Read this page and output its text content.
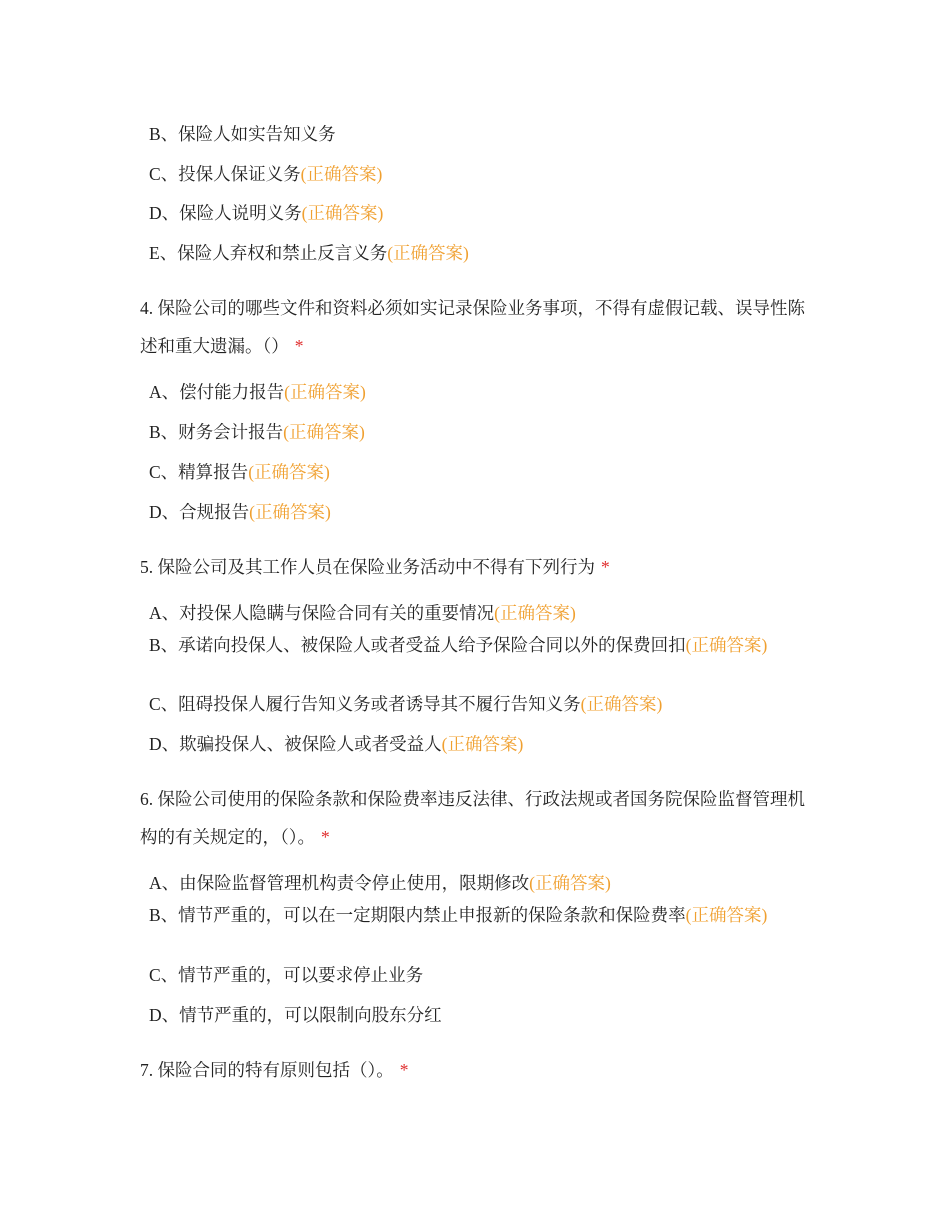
B、保险人如实告知义务
C、投保人保证义务(正确答案)
D、保险人说明义务(正确答案)
E、保险人弃权和禁止反言义务(正确答案)
4. 保险公司的哪些文件和资料必须如实记录保险业务事项，不得有虚假记载、误导性陈述和重大遗漏。（） *
A、偿付能力报告(正确答案)
B、财务会计报告(正确答案)
C、精算报告(正确答案)
D、合规报告(正确答案)
5. 保险公司及其工作人员在保险业务活动中不得有下列行为 *
A、对投保人隐瞒与保险合同有关的重要情况(正确答案)
B、承诺向投保人、被保险人或者受益人给予保险合同以外的保费回扣(正确答案)
C、阻碍投保人履行告知义务或者诱导其不履行告知义务(正确答案)
D、欺骗投保人、被保险人或者受益人(正确答案)
6. 保险公司使用的保险条款和保险费率违反法律、行政法规或者国务院保险监督管理机构的有关规定的，（）。 *
A、由保险监督管理机构责令停止使用，限期修改(正确答案)
B、情节严重的，可以在一定期限内禁止申报新的保险条款和保险费率(正确答案)
C、情节严重的，可以要求停止业务
D、情节严重的，可以限制向股东分红
7. 保险合同的特有原则包括（）。 *
